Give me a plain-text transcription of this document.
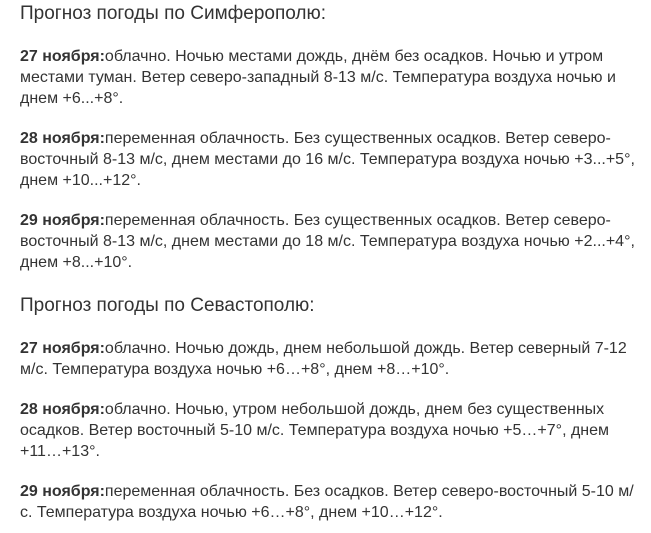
Прогноз погоды по Симферополю:

27 ноября:облачно. Ночью местами дождь, днём без осадков. Ночью и утром местами туман. Ветер северо-западный 8-13 м/с. Температура воздуха ночью и днем +6...+8°.

28 ноября:переменная облачность. Без существенных осадков. Ветер северо-восточный 8-13 м/с, днем местами до 16 м/с. Температура воздуха ночью +3...+5°, днем +10...+12°.

29 ноября:переменная облачность. Без существенных осадков. Ветер северо-восточный 8-13 м/с, днем местами до 18 м/с. Температура воздуха ночью +2...+4°, днем +8...+10°.

Прогноз погоды по Севастополю:

27 ноября:облачно. Ночью дождь, днем небольшой дождь. Ветер северный 7-12 м/с. Температура воздуха ночью +6…+8°, днем +8…+10°.

28 ноября:облачно. Ночью, утром небольшой дождь, днем без существенных осадков. Ветер восточный 5-10 м/с. Температура воздуха ночью +5…+7°, днем +11…+13°.

29 ноября:переменная облачность. Без осадков. Ветер северо-восточный 5-10 м/с. Температура воздуха ночью +6…+8°, днем +10…+12°.
